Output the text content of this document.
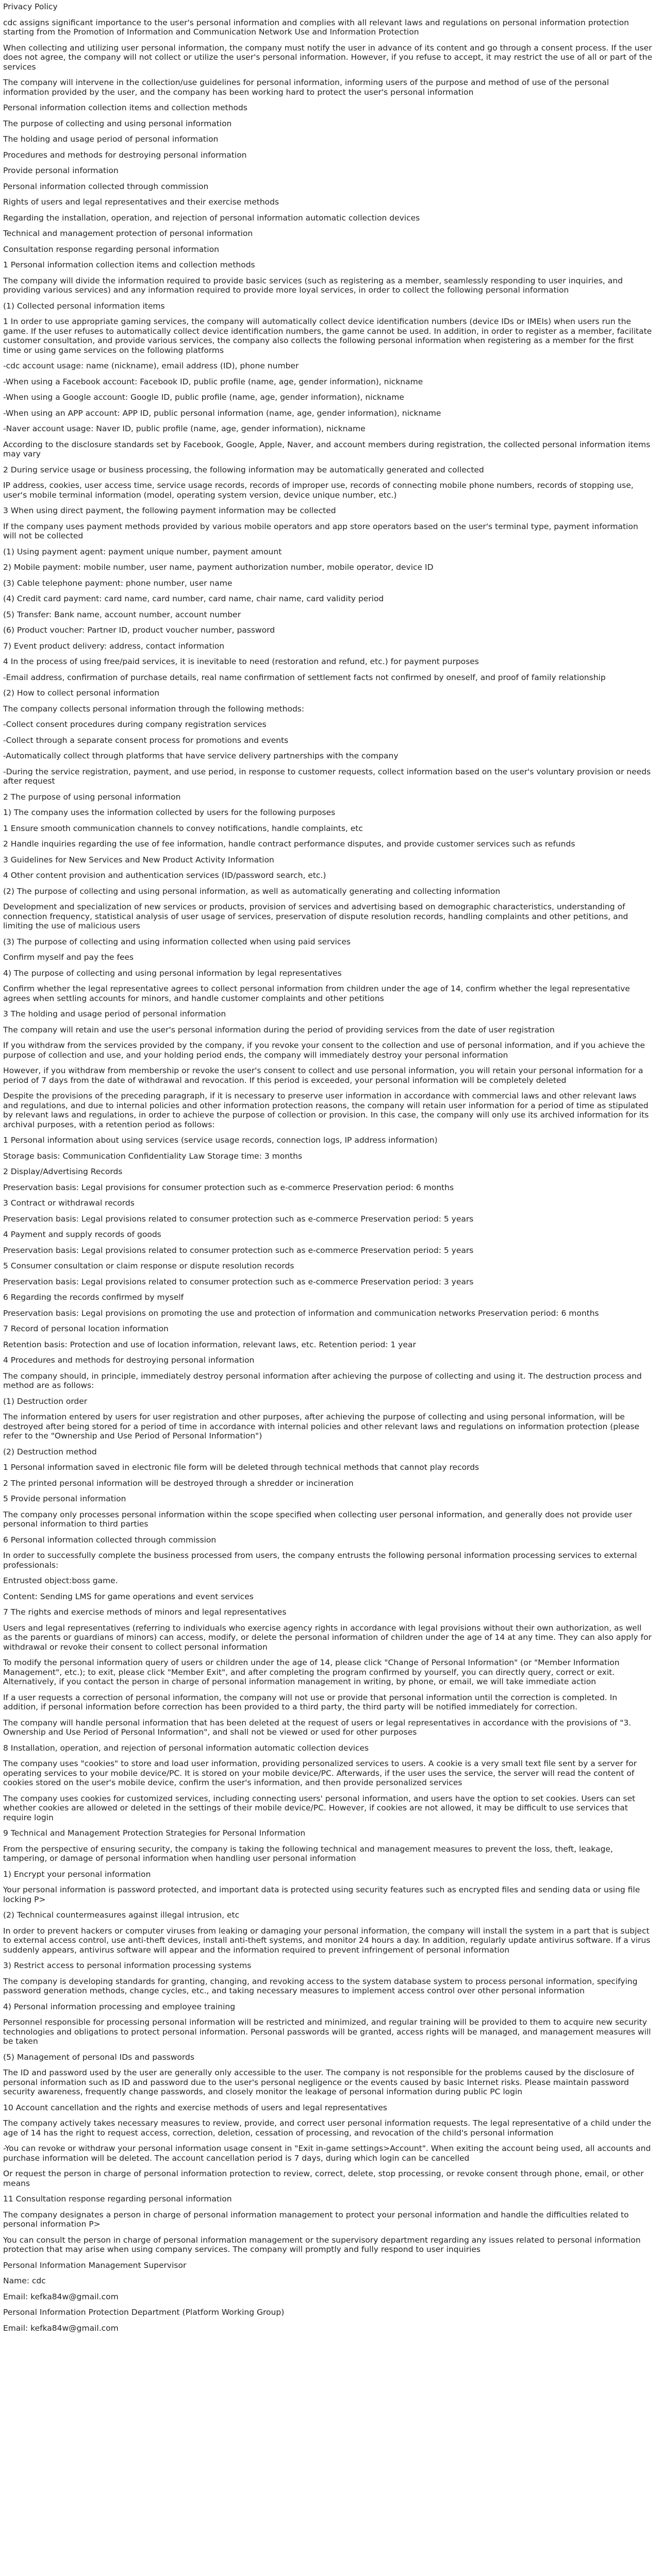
Privacy Policy

cdc assigns significant importance to the user's personal information and complies with all relevant laws and regulations on personal information protection starting from the Promotion of Information and Communication Network Use and Information Protection

When collecting and utilizing user personal information, the company must notify the user in advance of its content and go through a consent process. If the user does not agree, the company will not collect or utilize the user's personal information. However, if you refuse to accept, it may restrict the use of all or part of the services

The company will intervene in the collection/use guidelines for personal information, informing users of the purpose and method of use of the personal information provided by the user, and the company has been working hard to protect the user's personal information

Personal information collection items and collection methods

The purpose of collecting and using personal information

The holding and usage period of personal information

Procedures and methods for destroying personal information

Provide personal information

Personal information collected through commission

Rights of users and legal representatives and their exercise methods

Regarding the installation, operation, and rejection of personal information automatic collection devices

Technical and management protection of personal information

Consultation response regarding personal information

1 Personal information collection items and collection methods

The company will divide the information required to provide basic services (such as registering as a member, seamlessly responding to user inquiries, and providing various services) and any information required to provide more loyal services, in order to collect the following personal information

(1) Collected personal information items

1 In order to use appropriate gaming services, the company will automatically collect device identification numbers (device IDs or IMEIs) when users run the game. If the user refuses to automatically collect device identification numbers, the game cannot be used. In addition, in order to register as a member, facilitate customer consultation, and provide various services, the company also collects the following personal information when registering as a member for the first time or using game services on the following platforms

-cdc account usage: name (nickname), email address (ID), phone number

-When using a Facebook account: Facebook ID, public profile (name, age, gender information), nickname

-When using a Google account: Google ID, public profile (name, age, gender information), nickname

-When using an APP account: APP ID, public personal information (name, age, gender information), nickname

-Naver account usage: Naver ID, public profile (name, age, gender information), nickname

According to the disclosure standards set by Facebook, Google, Apple, Naver, and account members during registration, the collected personal information items may vary

2 During service usage or business processing, the following information may be automatically generated and collected

IP address, cookies, user access time, service usage records, records of improper use, records of connecting mobile phone numbers, records of stopping use, user's mobile terminal information (model, operating system version, device unique number, etc.)

3 When using direct payment, the following payment information may be collected

If the company uses payment methods provided by various mobile operators and app store operators based on the user's terminal type, payment information will not be collected

(1) Using payment agent: payment unique number, payment amount

2) Mobile payment: mobile number, user name, payment authorization number, mobile operator, device ID

(3) Cable telephone payment: phone number, user name

(4) Credit card payment: card name, card number, card name, chair name, card validity period

(5) Transfer: Bank name, account number, account number

(6) Product voucher: Partner ID, product voucher number, password

7) Event product delivery: address, contact information

4 In the process of using free/paid services, it is inevitable to need (restoration and refund, etc.) for payment purposes

-Email address, confirmation of purchase details, real name confirmation of settlement facts not confirmed by oneself, and proof of family relationship

(2) How to collect personal information

The company collects personal information through the following methods:

-Collect consent procedures during company registration services

-Collect through a separate consent process for promotions and events

-Automatically collect through platforms that have service delivery partnerships with the company

-During the service registration, payment, and use period, in response to customer requests, collect information based on the user's voluntary provision or needs after request

2 The purpose of using personal information

1) The company uses the information collected by users for the following purposes

1 Ensure smooth communication channels to convey notifications, handle complaints, etc

2 Handle inquiries regarding the use of fee information, handle contract performance disputes, and provide customer services such as refunds

3 Guidelines for New Services and New Product Activity Information

4 Other content provision and authentication services (ID/password search, etc.)

(2) The purpose of collecting and using personal information, as well as automatically generating and collecting information

Development and specialization of new services or products, provision of services and advertising based on demographic characteristics, understanding of connection frequency, statistical analysis of user usage of services, preservation of dispute resolution records, handling complaints and other petitions, and limiting the use of malicious users

(3) The purpose of collecting and using information collected when using paid services

Confirm myself and pay the fees

4) The purpose of collecting and using personal information by legal representatives

Confirm whether the legal representative agrees to collect personal information from children under the age of 14, confirm whether the legal representative agrees when settling accounts for minors, and handle customer complaints and other petitions

3 The holding and usage period of personal information

The company will retain and use the user's personal information during the period of providing services from the date of user registration

If you withdraw from the services provided by the company, if you revoke your consent to the collection and use of personal information, and if you achieve the purpose of collection and use, and your holding period ends, the company will immediately destroy your personal information

However, if you withdraw from membership or revoke the user's consent to collect and use personal information, you will retain your personal information for a period of 7 days from the date of withdrawal and revocation. If this period is exceeded, your personal information will be completely deleted

Despite the provisions of the preceding paragraph, if it is necessary to preserve user information in accordance with commercial laws and other relevant laws and regulations, and due to internal policies and other information protection reasons, the company will retain user information for a period of time as stipulated by relevant laws and regulations, in order to achieve the purpose of collection or provision. In this case, the company will only use its archived information for its archival purposes, with a retention period as follows:

1 Personal information about using services (service usage records, connection logs, IP address information)

Storage basis: Communication Confidentiality Law Storage time: 3 months

2 Display/Advertising Records

Preservation basis: Legal provisions for consumer protection such as e-commerce Preservation period: 6 months

3 Contract or withdrawal records

Preservation basis: Legal provisions related to consumer protection such as e-commerce Preservation period: 5 years

4 Payment and supply records of goods

Preservation basis: Legal provisions related to consumer protection such as e-commerce Preservation period: 5 years

5 Consumer consultation or claim response or dispute resolution records

Preservation basis: Legal provisions related to consumer protection such as e-commerce Preservation period: 3 years

6 Regarding the records confirmed by myself

Preservation basis: Legal provisions on promoting the use and protection of information and communication networks Preservation period: 6 months

7 Record of personal location information

Retention basis: Protection and use of location information, relevant laws, etc. Retention period: 1 year

4 Procedures and methods for destroying personal information

The company should, in principle, immediately destroy personal information after achieving the purpose of collecting and using it. The destruction process and method are as follows:

(1) Destruction order

The information entered by users for user registration and other purposes, after achieving the purpose of collecting and using personal information, will be destroyed after being stored for a period of time in accordance with internal policies and other relevant laws and regulations on information protection (please refer to the "Ownership and Use Period of Personal Information")

(2) Destruction method

1 Personal information saved in electronic file form will be deleted through technical methods that cannot play records

2 The printed personal information will be destroyed through a shredder or incineration

5 Provide personal information

The company only processes personal information within the scope specified when collecting user personal information, and generally does not provide user personal information to third parties

6 Personal information collected through commission

In order to successfully complete the business processed from users, the company entrusts the following personal information processing services to external professionals:

Entrusted object:boss game.

Content: Sending LMS for game operations and event services

7 The rights and exercise methods of minors and legal representatives

Users and legal representatives (referring to individuals who exercise agency rights in accordance with legal provisions without their own authorization, as well as the parents or guardians of minors) can access, modify, or delete the personal information of children under the age of 14 at any time. They can also apply for withdrawal or revoke their consent to collect personal information

To modify the personal information query of users or children under the age of 14, please click "Change of Personal Information" (or "Member Information Management", etc.); to exit, please click "Member Exit", and after completing the program confirmed by yourself, you can directly query, correct or exit. Alternatively, if you contact the person in charge of personal information management in writing, by phone, or email, we will take immediate action

If a user requests a correction of personal information, the company will not use or provide that personal information until the correction is completed. In addition, if personal information before correction has been provided to a third party, the third party will be notified immediately for correction.

The company will handle personal information that has been deleted at the request of users or legal representatives in accordance with the provisions of "3. Ownership and Use Period of Personal Information", and shall not be viewed or used for other purposes

8 Installation, operation, and rejection of personal information automatic collection devices

The company uses "cookies" to store and load user information, providing personalized services to users. A cookie is a very small text file sent by a server for operating services to your mobile device/PC. It is stored on your mobile device/PC. Afterwards, if the user uses the service, the server will read the content of cookies stored on the user's mobile device, confirm the user's information, and then provide personalized services

The company uses cookies for customized services, including connecting users' personal information, and users have the option to set cookies. Users can set whether cookies are allowed or deleted in the settings of their mobile device/PC. However, if cookies are not allowed, it may be difficult to use services that require login

9 Technical and Management Protection Strategies for Personal Information

From the perspective of ensuring security, the company is taking the following technical and management measures to prevent the loss, theft, leakage, tampering, or damage of personal information when handling user personal information

1) Encrypt your personal information

Your personal information is password protected, and important data is protected using security features such as encrypted files and sending data or using file locking P>

(2) Technical countermeasures against illegal intrusion, etc

In order to prevent hackers or computer viruses from leaking or damaging your personal information, the company will install the system in a part that is subject to external access control, use anti-theft devices, install anti-theft systems, and monitor 24 hours a day. In addition, regularly update antivirus software. If a virus suddenly appears, antivirus software will appear and the information required to prevent infringement of personal information

3) Restrict access to personal information processing systems

The company is developing standards for granting, changing, and revoking access to the system database system to process personal information, specifying password generation methods, change cycles, etc., and taking necessary measures to implement access control over other personal information

4) Personal information processing and employee training

Personnel responsible for processing personal information will be restricted and minimized, and regular training will be provided to them to acquire new security technologies and obligations to protect personal information. Personal passwords will be granted, access rights will be managed, and management measures will be taken

(5) Management of personal IDs and passwords

The ID and password used by the user are generally only accessible to the user. The company is not responsible for the problems caused by the disclosure of personal information such as ID and password due to the user's personal negligence or the events caused by basic Internet risks. Please maintain password security awareness, frequently change passwords, and closely monitor the leakage of personal information during public PC login

10 Account cancellation and the rights and exercise methods of users and legal representatives

The company actively takes necessary measures to review, provide, and correct user personal information requests. The legal representative of a child under the age of 14 has the right to request access, correction, deletion, cessation of processing, and revocation of the child's personal information

-You can revoke or withdraw your personal information usage consent in "Exit in-game settings>Account". When exiting the account being used, all accounts and purchase information will be deleted. The account cancellation period is 7 days, during which login can be cancelled

Or request the person in charge of personal information protection to review, correct, delete, stop processing, or revoke consent through phone, email, or other means

11 Consultation response regarding personal information

The company designates a person in charge of personal information management to protect your personal information and handle the difficulties related to personal information P>

You can consult the person in charge of personal information management or the supervisory department regarding any issues related to personal information protection that may arise when using company services. The company will promptly and fully respond to user inquiries

Personal Information Management Supervisor

Name: cdc

Email: kefka84w@gmail.com

Personal Information Protection Department (Platform Working Group)

Email: kefka84w@gmail.com
